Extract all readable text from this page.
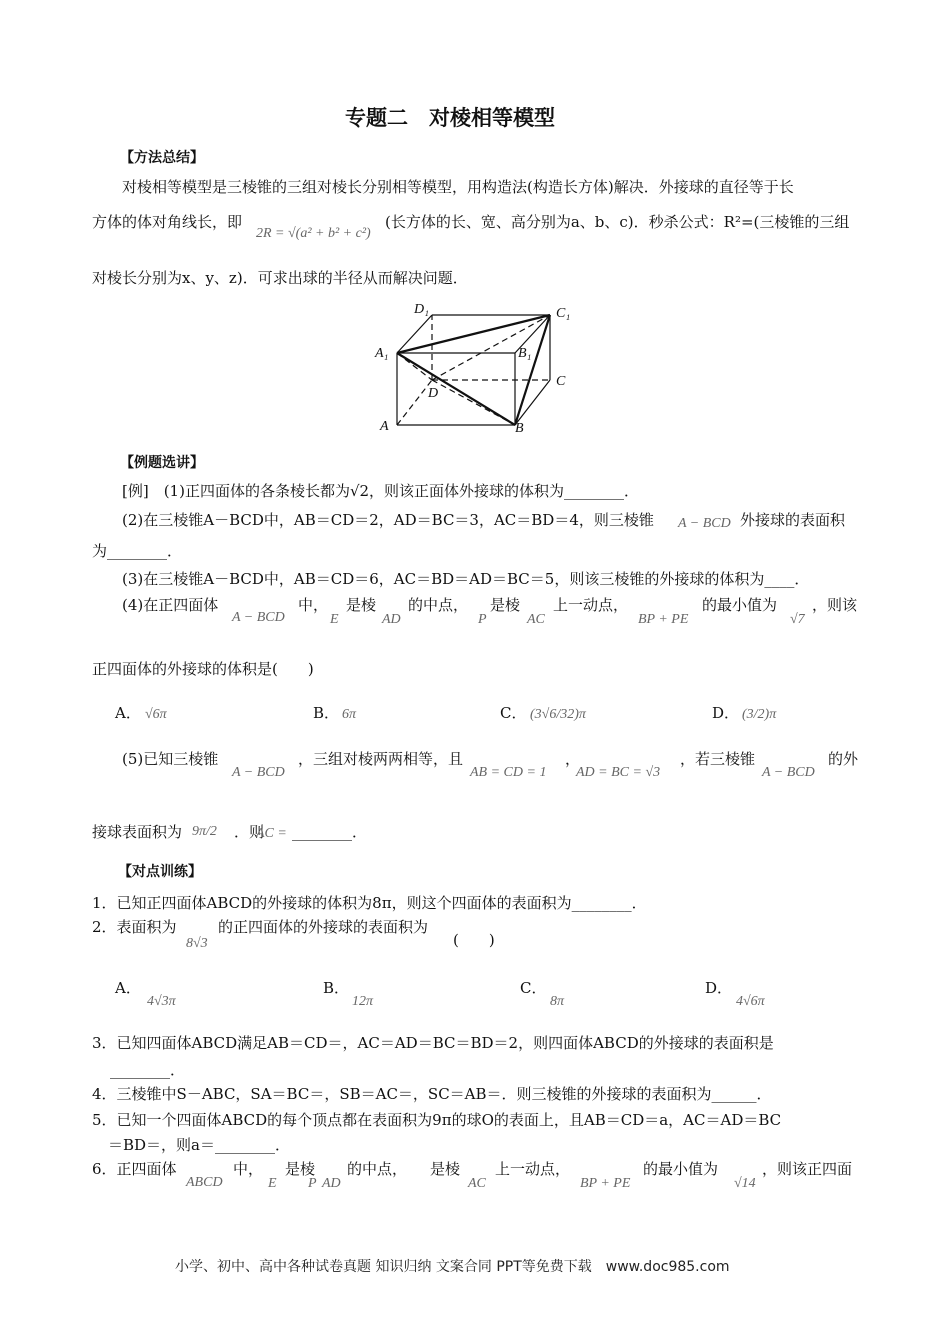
专题二　对棱相等模型
【方法总结】
对棱相等模型是三棱锥的三组对棱长分别相等模型，用构造法(构造长方体)解决．外接球的直径等于长
方体的体对角线长，即
2R = √(a² + b² + c²)
(长方体的长、宽、高分别为a、b、c)．秒杀公式：R²=(三棱锥的三组
对棱长分别为x、y、z)．可求出球的半径从而解决问题．
D₁	C₁
A₁	B₁
C
D
A	B
【例题选讲】
[例]　(1)正四面体的各条棱长都为√2，则该正面体外接球的体积为________．
(2)在三棱锥A－BCD中，AB＝CD＝2，AD＝BC＝3，AC＝BD＝4，则三棱锥 A − BCD 外接球的表面积
为________．
(3)在三棱锥A－BCD中，AB＝CD＝6，AC＝BD＝AD＝BC＝5，则该三棱锥的外接球的体积为____．
(4)在正四面体
A − BCD
中，
E
是棱
AD
的中点，
P
是棱
AC
上一动点，
BP + PE
的最小值为
√7
，则该
正四面体的外接球的体积是(　　)
A． √6π	B． 6π	C． (3√6/32)π	D． (3/2)π
(5)已知三棱锥
A − BCD
，三组对棱两两相等，且
AB = CD = 1
，
AD = BC = √3
，若三棱锥
A − BCD
的外
接球表面积为 9π/2 ．则
AC = ________．
【对点训练】
1．已知正四面体ABCD的外接球的体积为8π，则这个四面体的表面积为________．
2．表面积为
8√3
的正四面体的外接球的表面积为
(　　)
A．
4√3π
B．
12π
C．
8π
D．
4√6π
3．已知四面体ABCD满足AB＝CD＝，AC＝AD＝BC＝BD＝2，则四面体ABCD的外接球的表面积是
________．
4．三棱锥中S－ABC，SA＝BC＝，SB＝AC＝，SC＝AB＝．则三棱锥的外接球的表面积为______．
5．已知一个四面体ABCD的每个顶点都在表面积为9π的球O的表面上，且AB＝CD＝a，AC＝AD＝BC
＝BD＝，则a＝________．
6．正四面体
ABCD
中，
E
是棱
AD
的中点，
P
是棱
AC
上一动点，
BP + PE
的最小值为
√14
，则该正四面
小学、初中、高中各种试卷真题 知识归纳 文案合同 PPT等免费下载　www.doc985.com
